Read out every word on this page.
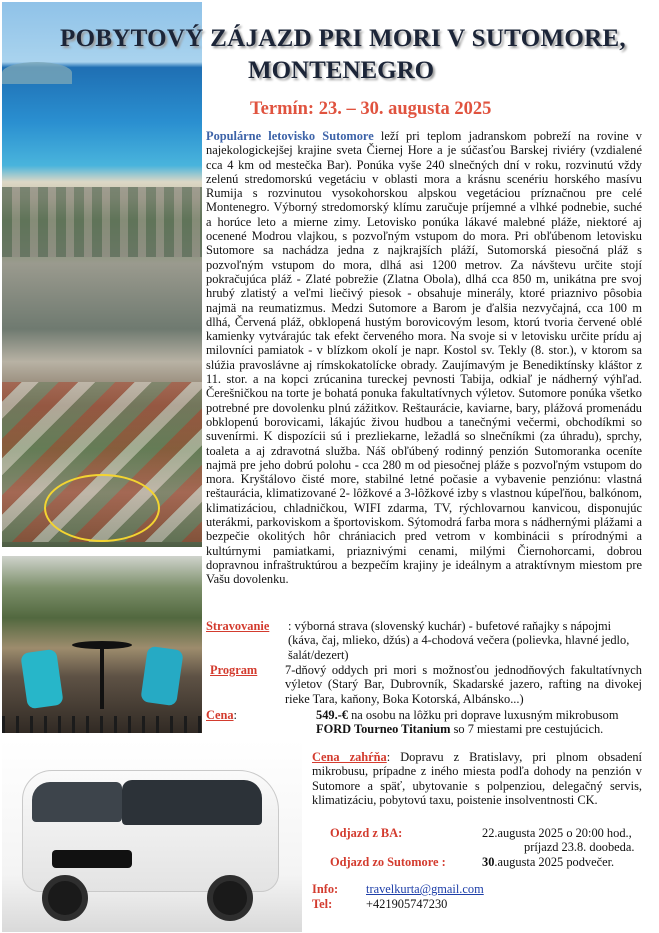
POBYTOVÝ ZÁJAZD PRI MORI V SUTOMORE,
MONTENEGRO
Termín: 23. – 30. augusta 2025
Populárne letovisko Sutomore leží pri teplom jadranskom pobreží na rovine v najekologickejšej krajine sveta Čiernej Hore a je súčasťou Barskej riviéry (vzdialené cca 4 km od mestečka Bar). Ponúka vyše 240 slnečných dní v roku, rozvinutú vždy zelenú stredomorskú vegetáciu v oblasti mora a krásnu scenériu horského masívu Rumija s rozvinutou vysokohorskou alpskou vegetáciou príznačnou pre celé Montenegro. Výborný stredomorský klímu zaručuje príjemné a vlhké podnebie, suché a horúce leto a mierne zimy. Letovisko ponúka lákavé malebné pláže, niektoré aj ocenené Modrou vlajkou, s pozvoľným vstupom do mora. Pri obľúbenom letovisku Sutomore sa nachádza jedna z najkrajších pláží, Sutomorská piesočná pláž s pozvoľným vstupom do mora, dlhá asi 1200 metrov. Za návštevu určite stojí pokračujúca pláž - Zlaté pobrežie (Zlatna Obola), dlhá cca 850 m, unikátna pre svoj hrubý zlatistý a veľmi liečivý piesok - obsahuje minerály, ktoré priaznivo pôsobia najmä na reumatizmus. Medzi Sutomore a Barom je ďalšia nezvyčajná, cca 100 m dlhá, Červená pláž, obklopená hustým borovicovým lesom, ktorú tvoria červené oblé kamienky vytvárajúc tak efekt červeného mora. Na svoje si v letovisku určite prídu aj milovníci pamiatok - v blízkom okolí je napr. Kostol sv. Tekly (8. stor.), v ktorom sa slúžia pravoslávne aj rímskokatolícke obrady. Zaujímavým je Benediktínsky kláštor z 11. stor. a na kopci zrúcanina tureckej pevnosti Tabija, odkiaľ je nádherný výhľad. Čerešničkou na torte je bohatá ponuka fakultatívnych výletov. Sutomore ponúka všetko potrebné pre dovolenku plnú zážitkov. Reštaurácie, kaviarne, bary, plážová promenádu obklopenú borovicami, lákajúc živou hudbou a tanečnými večermi, obchodíkmi so suvenírmi. K dispozícii sú i prezliekarne, ležadlá so slnečníkmi (za úhradu), sprchy, toaleta a aj zdravotná služba. Náš obľúbený rodinný penzión Sutomoranka oceníte najmä pre jeho dobrú polohu - cca 280 m od piesočnej pláže s pozvoľným vstupom do mora. Kryštálovo čisté more, stabilné letné počasie a vybavenie penziónu: vlastná reštaurácia, klimatizované 2- lôžkové a 3-lôžkové izby s vlastnou kúpeľňou, balkónom, klimatizáciou, chladničkou, WIFI zdarma, TV, rýchlovarnou kanvicou, disponujúc uterákmi, parkoviskom a športoviskom. Sýtomodrá farba mora s nádhernými plážami a bezpečie okolitých hôr chrániacich pred vetrom v kombinácii s prírodnými a kultúrnymi pamiatkami, priaznivými cenami, milými Čiernohorcami, dobrou dopravnou infraštruktúrou a bezpečím krajiny je ideálnym a atraktívnym miestom pre Vašu dovolenku.
Stravovanie : výborná strava (slovenský kuchár) - bufetové raňajky s nápojmi (káva, čaj, mlieko, džús) a 4-chodová večera (polievka, hlavné jedlo, šalát/dezert)
Program 7-dňový oddych pri mori s možnosťou jednodňových fakultatívnych výletov (Starý Bar, Dubrovník, Skadarské jazero, rafting na divokej rieke Tara, kaňony, Boka Kotorská, Albánsko...)
Cena:	549.-€ na osobu na lôžku pri doprave luxusným mikrobusom
FORD Tourneo Titanium so 7 miestami pre cestujúcich.
Cena zahŕňa: Dopravu z Bratislavy, pri plnom obsadení mikrobusu, prípadne z iného miesta podľa dohody na penzión v Sutomore a späť, ubytovanie s polpenziou, delegačný servis, klimatizáciu, pobytovú taxu, poistenie insolventnosti CK.
Odjazd z BA:	22.augusta 2025 o 20:00 hod.,
príjazd 23.8. doobeda.
Odjazd zo Sutomore :	30.augusta 2025 podvečer.
Info: travelkurta@gmail.com
Tel:	+421905747230
